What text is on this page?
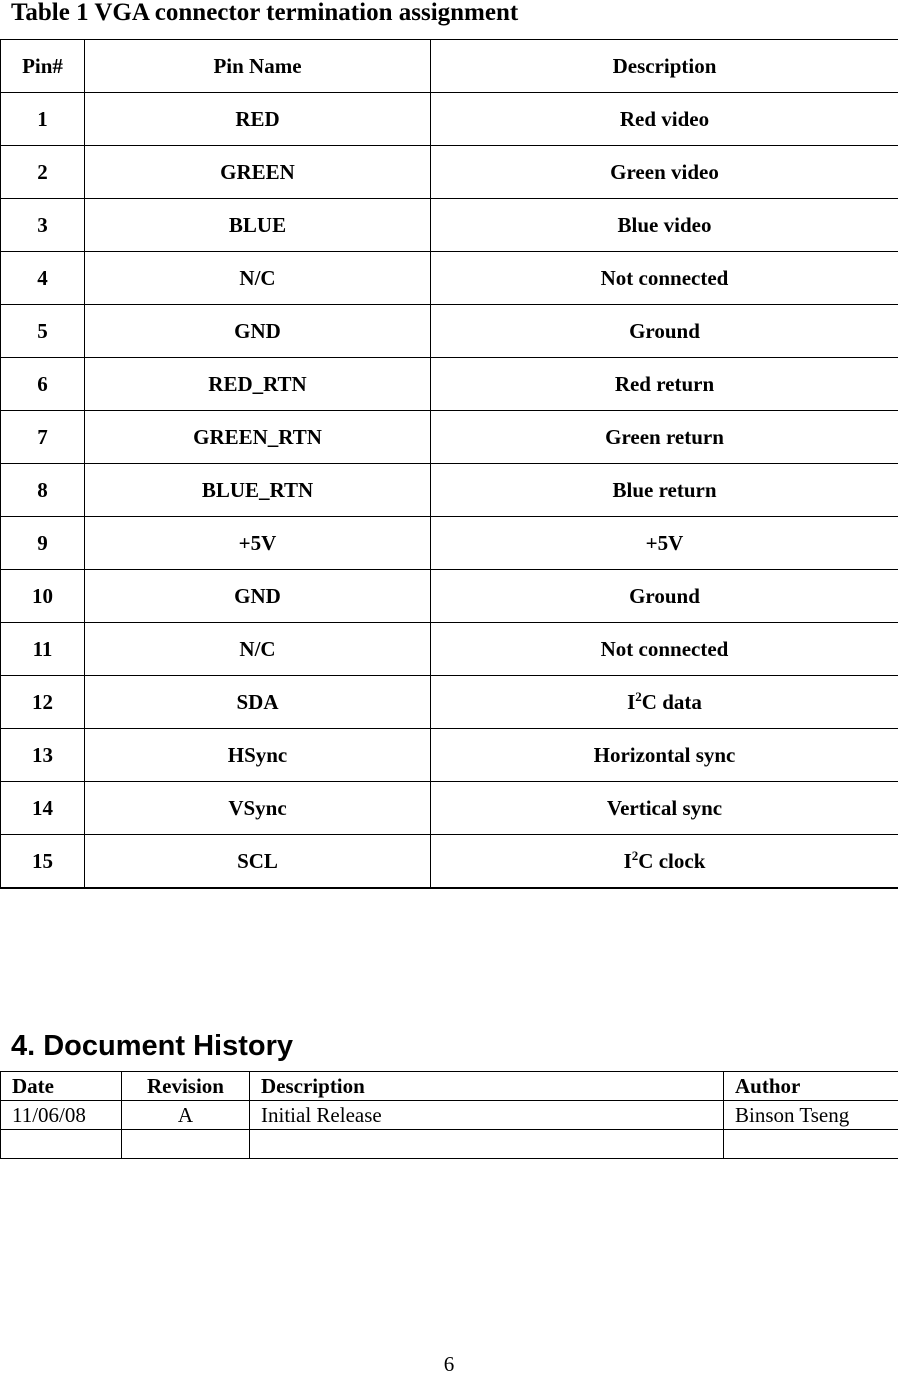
Table 1 VGA connector termination assignment
Pin#	Pin Name	Description
1	RED	Red video
2	GREEN	Green video
3	BLUE	Blue video
4	N/C	Not connected
5	GND	Ground
6	RED_RTN	Red return
7	GREEN_RTN	Green return
8	BLUE_RTN	Blue return
9	+5V	+5V
10	GND	Ground
11	N/C	Not connected
12	SDA	$I^2C$ data
13	HSync	Horizontal sync
14	VSync	Vertical sync
15	SCL	$I^2C$ clock
4. Document History
Date	Revision	Description	Author
11/06/08	A	Initial Release	Binson Tseng

6
